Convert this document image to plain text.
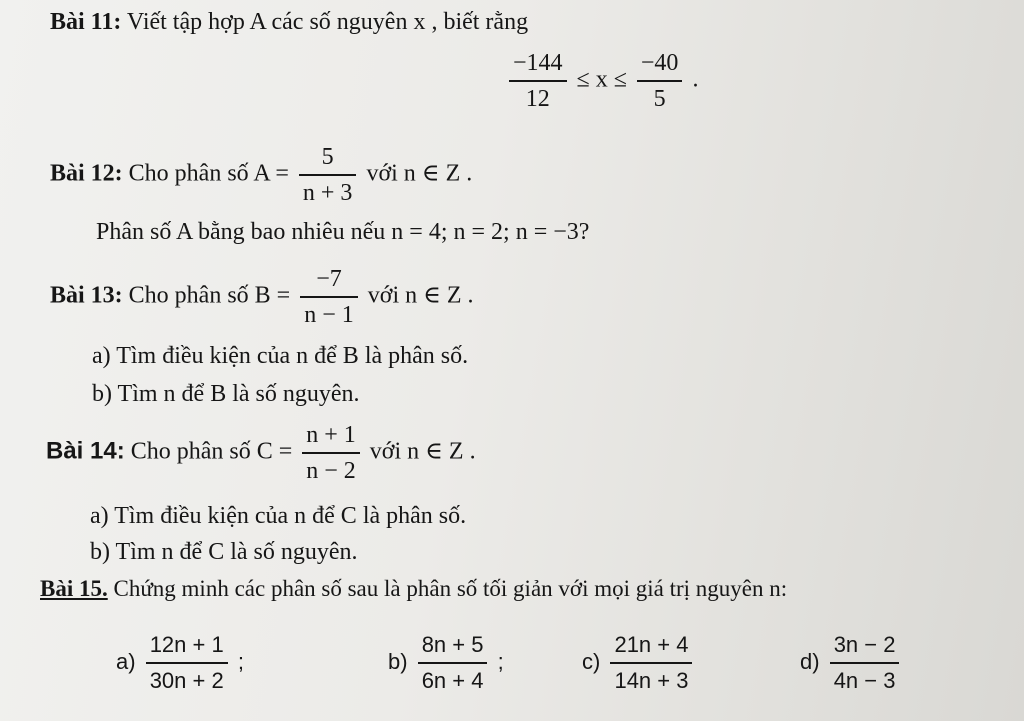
Bài 11: Viết tập hợp A các số nguyên x , biết rằng
$\frac{-144}{12} \le x \le \frac{-40}{5}$ .
Bài 12: Cho phân số $A = \frac{5}{n + 3}$ với n ∈ Z .
Phân số A bằng bao nhiêu nếu n = 4; n = 2; n = −3?
Bài 13: Cho phân số $B = \frac{-7}{n - 1}$ với n ∈ Z .
a) Tìm điều kiện của n để B là phân số.
b) Tìm n để B là số nguyên.
Bài 14: Cho phân số $C = \frac{n + 1}{n - 2}$ với n ∈ Z .
a) Tìm điều kiện của n để C là phân số.
b) Tìm n để C là số nguyên.
Bài 15. Chứng minh các phân số sau là phân số tối giản với mọi giá trị nguyên n:
$a) \frac{12n + 1}{30n + 2}$ ;	$b) \frac{8n + 5}{6n + 4}$ ;	$c) \frac{21n + 4}{14n + 3}$	$d) \frac{3n - 2}{4n - 3}$
